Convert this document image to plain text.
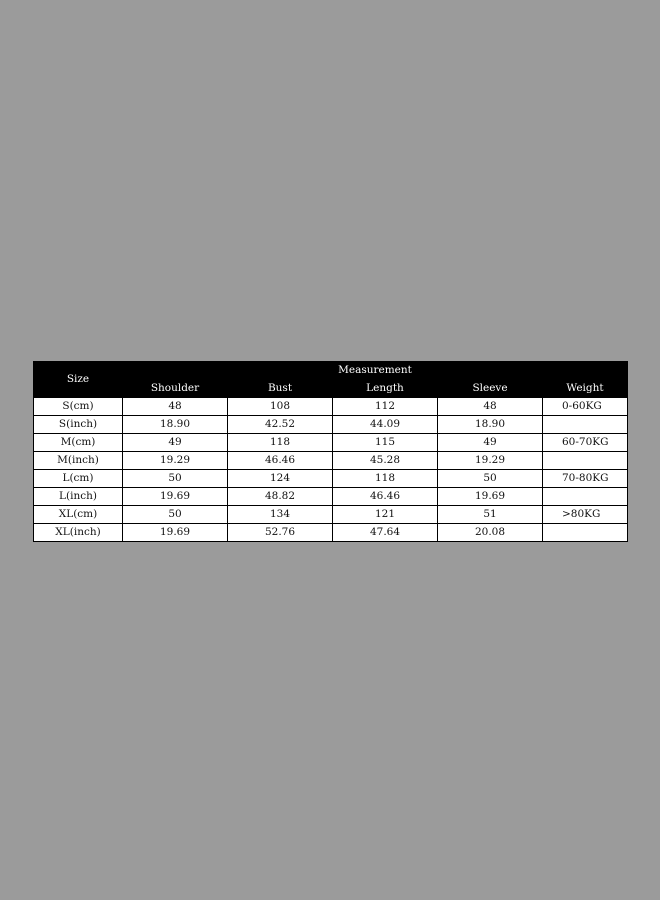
Size	Measurement				
	Shoulder	Bust	Length	Sleeve	Weight
S(cm)	48	108	112	48	0-60KG
S(inch)	18.90	42.52	44.09	18.90	
M(cm)	49	118	115	49	60-70KG
M(inch)	19.29	46.46	45.28	19.29	
L(cm)	50	124	118	50	70-80KG
L(inch)	19.69	48.82	46.46	19.69	
XL(cm)	50	134	121	51	>80KG
XL(inch)	19.69	52.76	47.64	20.08	
